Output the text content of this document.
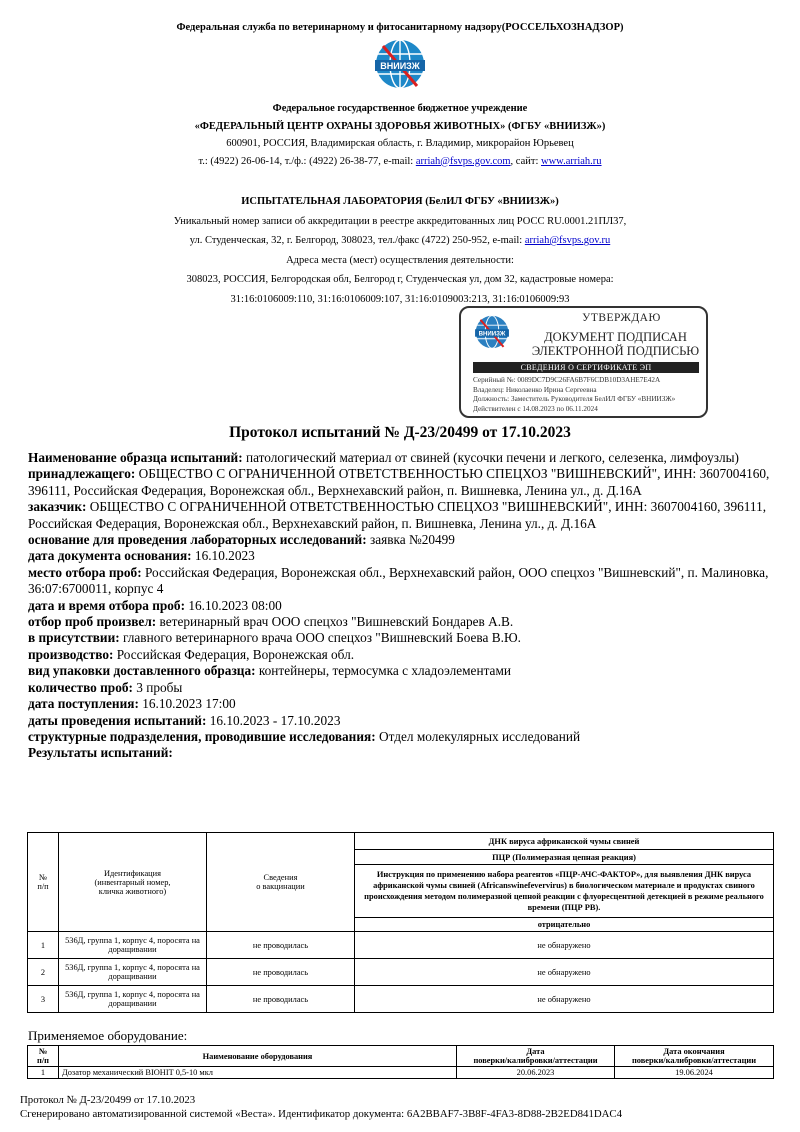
Федеральная служба по ветеринарному и фитосанитарному надзору(РОССЕЛЬХОЗНАДЗОР)
ВНИИЗЖ
Федеральное государственное бюджетное учреждение
«ФЕДЕРАЛЬНЫЙ ЦЕНТР ОХРАНЫ ЗДОРОВЬЯ ЖИВОТНЫХ» (ФГБУ «ВНИИЗЖ»)
600901, РОССИЯ, Владимирская область, г. Владимир, микрорайон Юрьевец
т.: (4922) 26-06-14, т./ф.: (4922) 26-38-77, e-mail: arriah@fsvps.gov.com, сайт: www.arriah.ru
ИСПЫТАТЕЛЬНАЯ ЛАБОРАТОРИЯ (БелИЛ ФГБУ «ВНИИЗЖ»)
Уникальный номер записи об аккредитации в реестре аккредитованных лиц РОСС RU.0001.21ПЛ37,
ул. Студенческая, 32, г. Белгород, 308023, тел./факс (4722) 250-952, e-mail: arriah@fsvps.gov.ru
Адреса места (мест) осуществления деятельности:
308023, РОССИЯ, Белгородская обл, Белгород г, Студенческая ул, дом 32, кадастровые номера:
31:16:0106009:110, 31:16:0106009:107, 31:16:0109003:213, 31:16:0106009:93
ВНИИЗЖ
УТВЕРЖДАЮ
ДОКУМЕНТ ПОДПИСАН
ЭЛЕКТРОННОЙ ПОДПИСЬЮ
СВЕДЕНИЯ О СЕРТИФИКАТЕ ЭП
Серийный №: 0089DC7D9C26FA6B7F6CDB10D3AHE7E42A
Владелец: Николаенко Ирина Сергеевна
Должность: Заместитель Руководителя БелИЛ ФГБУ «ВНИИЗЖ»
Действителен с 14.08.2023 по 06.11.2024
Протокол испытаний № Д-23/20499 от 17.10.2023

Наименование образца испытаний: патологический материал от свиней (кусочки печени и легкого, селезенка, лимфоузлы)

принадлежащего: ОБЩЕСТВО С ОГРАНИЧЕННОЙ ОТВЕТСТВЕННОСТЬЮ СПЕЦХОЗ "ВИШНЕВСКИЙ", ИНН: 3607004160, 396111, Российская Федерация, Воронежская обл., Верхнехавский район, п. Вишневка, Ленина ул., д. Д.16А

заказчик: ОБЩЕСТВО С ОГРАНИЧЕННОЙ ОТВЕТСТВЕННОСТЬЮ СПЕЦХОЗ "ВИШНЕВСКИЙ", ИНН: 3607004160, 396111, Российская Федерация, Воронежская обл., Верхнехавский район, п. Вишневка, Ленина ул., д. Д.16А

основание для проведения лабораторных исследований: заявка №20499

дата документа основания: 16.10.2023

место отбора проб: Российская Федерация, Воронежская обл., Верхнехавский район, ООО спецхоз "Вишневский", п. Малиновка, 36:07:6700011, корпус 4

дата и время отбора проб: 16.10.2023 08:00

отбор проб произвел: ветеринарный врач ООО спецхоз "Вишневский Бондарев А.В.

в присутствии: главного ветеринарного врача ООО спецхоз "Вишневский Боева В.Ю.

производство: Российская Федерация, Воронежская обл.

вид упаковки доставленного образца: контейнеры, термосумка с хладоэлементами

количество проб: 3 пробы

дата поступления: 16.10.2023 17:00

даты проведения испытаний: 16.10.2023 - 17.10.2023

структурные подразделения, проводившие исследования: Отдел молекулярных исследований

Результаты испытаний:

№
п/п	Идентификация
(инвентарный номер,
кличка животного)	Сведения
о вакцинации	ДНК вируса африканской чумы свиней
			ПЦР (Полимеразная цепная реакция)
			Инструкция по применению набора реагентов «ПЦР-АЧС-ФАКТОР», для выявления ДНК вируса африканской чумы свиней (Africanswinefevervirus) в биологическом материале и продуктах свиного происхождения методом полимеразной цепной реакции с флуоресцентной детекцией в режиме реального времени (ПЦР РВ).
			отрицательно
1	536Д, группа 1, корпус 4, поросята на доращивании	не проводилась	не обнаружено
2	536Д, группа 1, корпус 4, поросята на доращивании	не проводилась	не обнаружено
3	536Д, группа 1, корпус 4, поросята на доращивании	не проводилась	не обнаружено
Применяемое оборудование:
№
п/п	Наименование оборудования	Дата
поверки/калибровки/аттестации	Дата окончания
поверки/калибровки/аттестации
1	Дозатор механический BIOHIT 0,5-10 мкл	20.06.2023	19.06.2024
Протокол № Д-23/20499 от 17.10.2023
Сгенерировано автоматизированной системой «Веста». Идентификатор документа: 6A2BBAF7-3B8F-4FA3-8D88-2B2ED841DAC4
